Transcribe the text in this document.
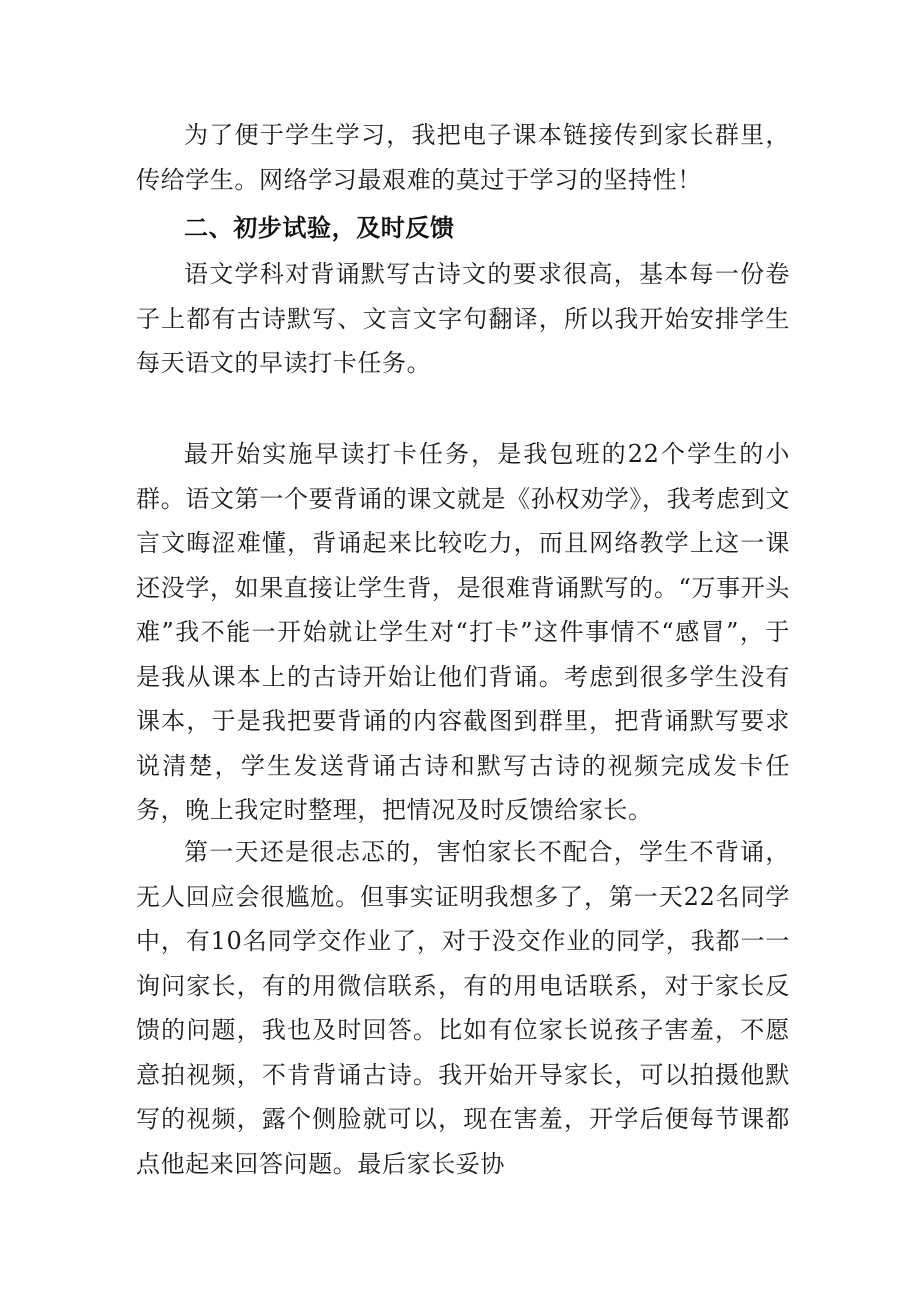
为了便于学生学习，我把电子课本链接传到家长群里，传给学生。网络学习最艰难的莫过于学习的坚持性！

二、初步试验，及时反馈

语文学科对背诵默写古诗文的要求很高，基本每一份卷子上都有古诗默写、文言文字句翻译，所以我开始安排学生每天语文的早读打卡任务。

最开始实施早读打卡任务，是我包班的22个学生的小群。语文第一个要背诵的课文就是《孙权劝学》，我考虑到文言文晦涩难懂，背诵起来比较吃力，而且网络教学上这一课还没学，如果直接让学生背，是很难背诵默写的。“万事开头难”我不能一开始就让学生对“打卡”这件事情不“感冒”，于是我从课本上的古诗开始让他们背诵。考虑到很多学生没有课本，于是我把要背诵的内容截图到群里，把背诵默写要求说清楚，学生发送背诵古诗和默写古诗的视频完成发卡任务，晚上我定时整理，把情况及时反馈给家长。

第一天还是很忐忑的，害怕家长不配合，学生不背诵，无人回应会很尴尬。但事实证明我想多了，第一天22名同学中，有10名同学交作业了，对于没交作业的同学，我都一一询问家长，有的用微信联系，有的用电话联系，对于家长反馈的问题，我也及时回答。比如有位家长说孩子害羞，不愿意拍视频，不肯背诵古诗。我开始开导家长，可以拍摄他默写的视频，露个侧脸就可以，现在害羞，开学后便每节课都点他起来回答问题。最后家长妥协
